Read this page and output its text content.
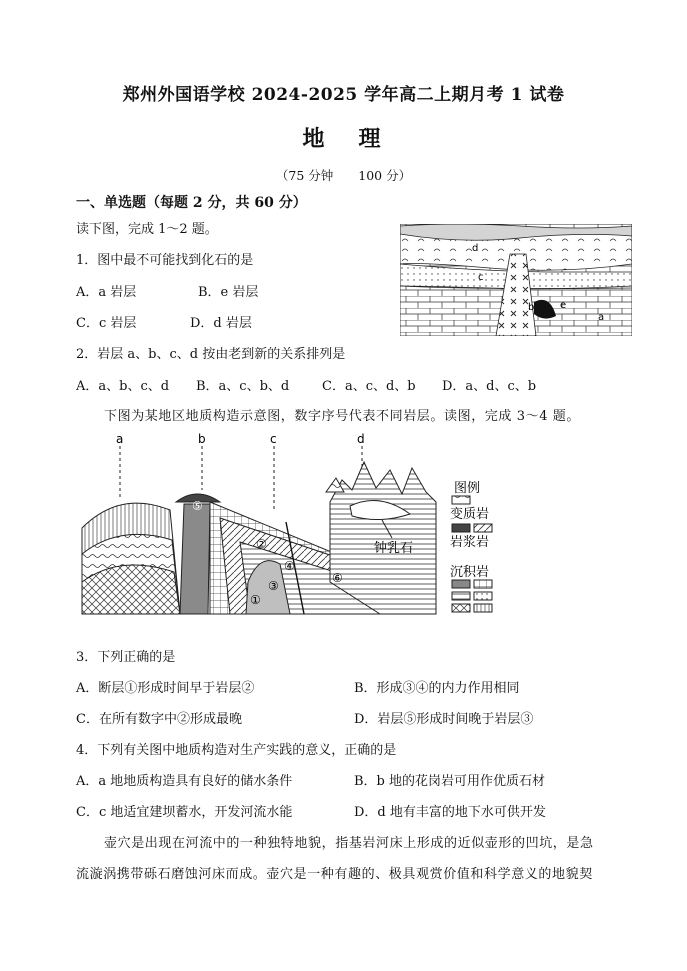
郑州外国语学校 2024-2025 学年高二上期月考 1 试卷
地理
（75 分钟　　100 分）
一、单选题（每题 2 分，共 60 分）
读下图，完成 1～2 题。
1．图中最不可能找到化石的是
A．a 岩层	B．e 岩层
C．c 岩层	D．d 岩层
2．岩层 a、b、c、d 按由老到新的关系排列是
A．a、b、c、d B．a、c、b、d	C．a、c、d、b D．a、d、c、b
下图为某地区地质构造示意图，数字序号代表不同岩层。读图，完成 3～4 题。
d
c
b	e
a
a	b	c	d
①
②
③
④
⑤
⑥
钟乳石
图例
变质岩
岩浆岩
沉积岩
3．下列正确的是
A．断层①形成时间早于岩层②	B．形成③④的内力作用相同
C．在所有数字中②形成最晚	D．岩层⑤形成时间晚于岩层③
4．下列有关图中地质构造对生产实践的意义，正确的是
A．a 地地质构造具有良好的储水条件	B．b 地的花岗岩可用作优质石材
C．c 地适宜建坝蓄水，开发河流水能	D．d 地有丰富的地下水可供开发
壶穴是出现在河流中的一种独特地貌，指基岩河床上形成的近似壶形的凹坑，是急
流漩涡携带砾石磨蚀河床而成。壶穴是一种有趣的、极具观赏价值和科学意义的地貌契
